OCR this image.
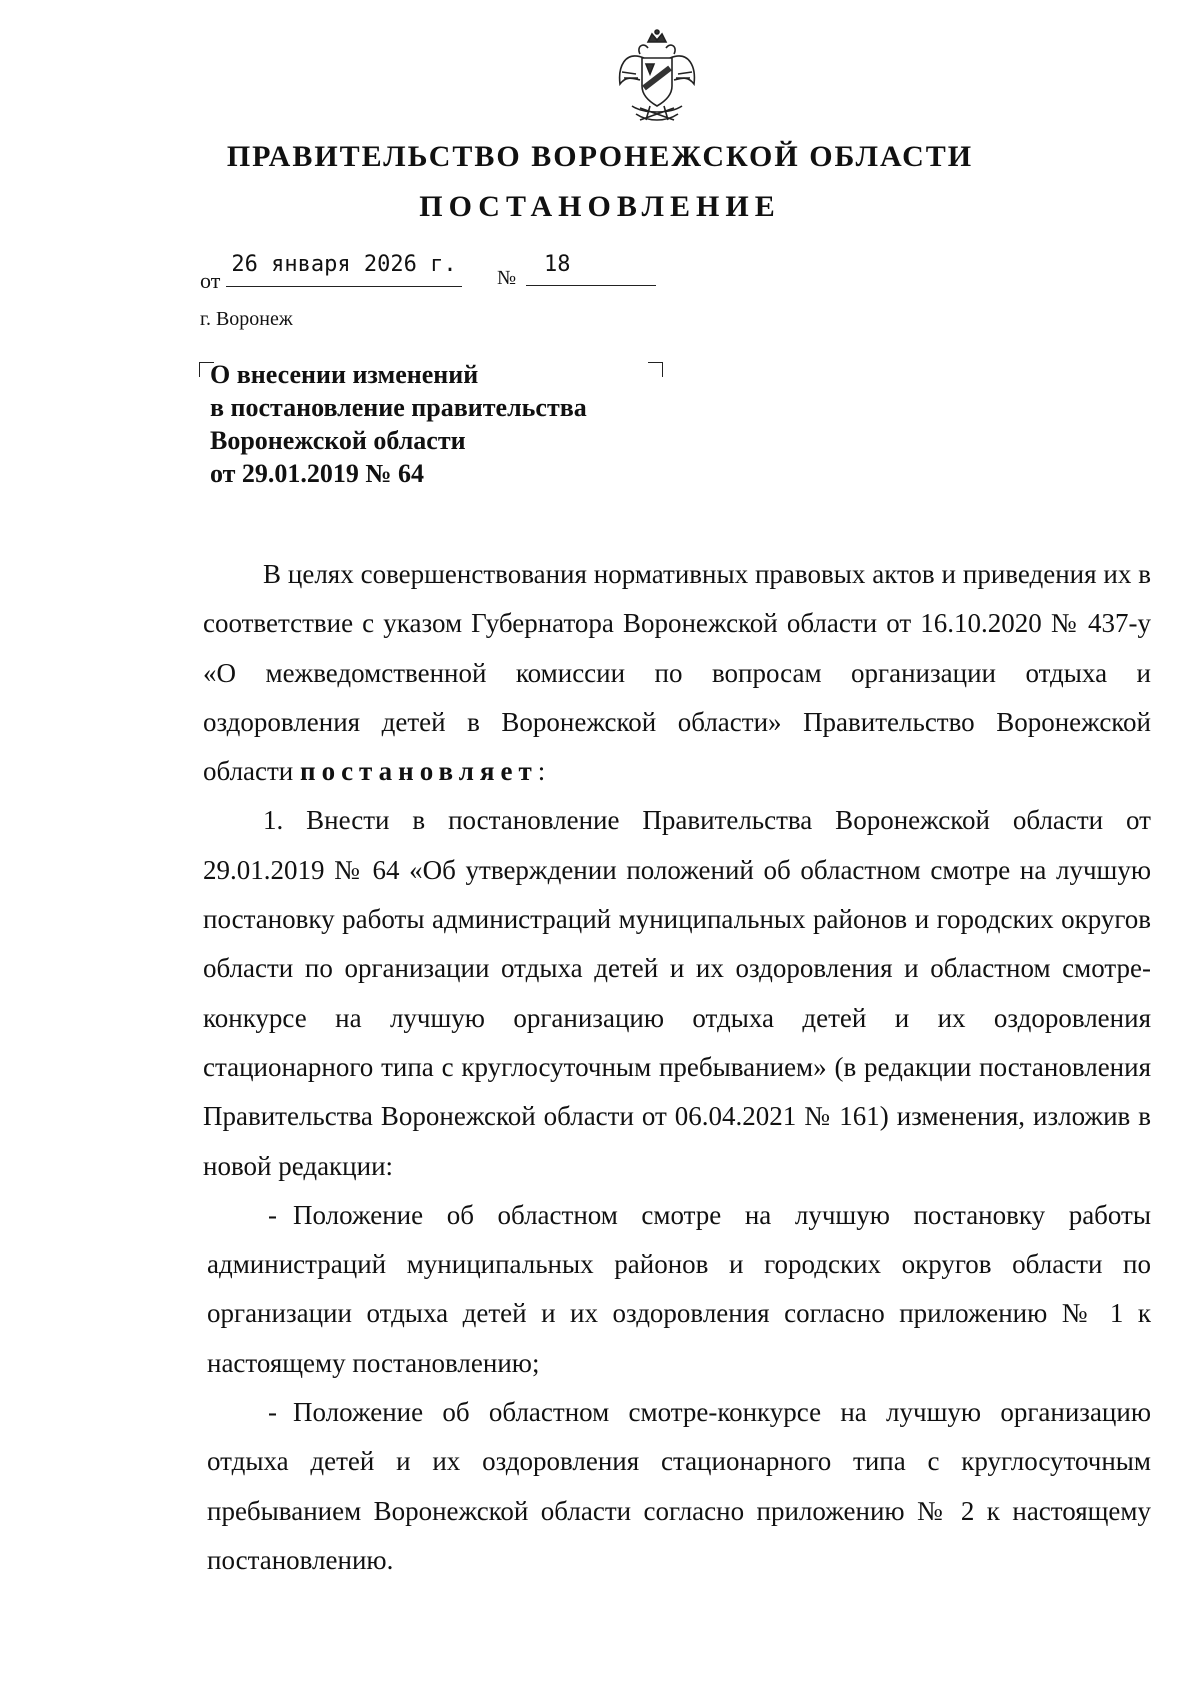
ПРАВИТЕЛЬСТВО ВОРОНЕЖСКОЙ ОБЛАСТИ
ПОСТАНОВЛЕНИЕ
от
26 января 2026 г.
№
18
г. Воронеж
О внесении изменений
в постановление правительства
Воронежской области
от 29.01.2019 № 64

В целях совершенствования нормативных правовых актов и приведения их в соответствие с указом Губернатора Воронежской области от 16.10.2020 № 437-у «О межведомственной комиссии по вопросам организации отдыха и оздоровления детей в Воронежской области» Правительство Воронежской области постановляет:

1. Внести в постановление Правительства Воронежской области от 29.01.2019 № 64 «Об утверждении положений об областном смотре на лучшую постановку работы администраций муниципальных районов и городских округов области по организации отдыха детей и их оздоровления и областном смотре-конкурсе на лучшую организацию отдыха детей и их оздоровления стационарного типа с круглосуточным пребыванием» (в редакции постановления Правительства Воронежской области от 06.04.2021 № 161) изменения, изложив в новой редакции:

- Положение об областном смотре на лучшую постановку работы администраций муниципальных районов и городских округов области по организации отдыха детей и их оздоровления согласно приложению № 1 к настоящему постановлению;

- Положение об областном смотре-конкурсе на лучшую организацию отдыха детей и их оздоровления стационарного типа с круглосуточным пребыванием Воронежской области согласно приложению № 2 к настоящему постановлению.
